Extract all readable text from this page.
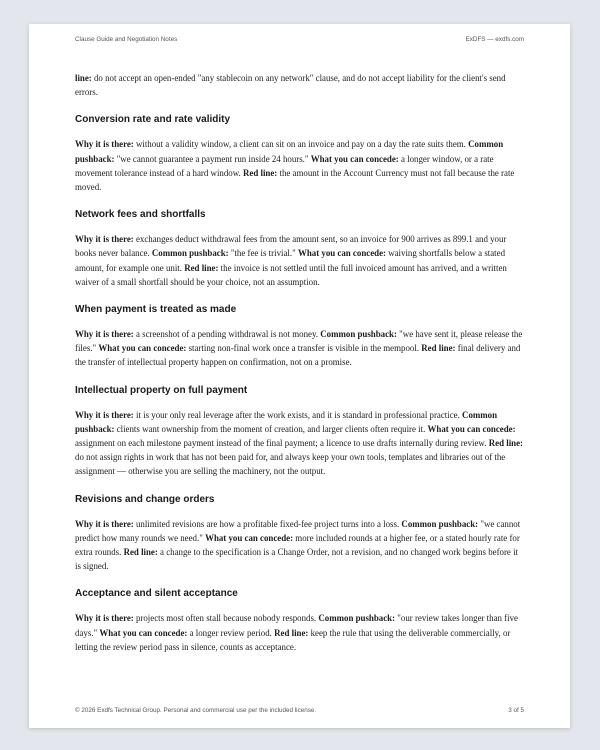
Clause Guide and Negotiation Notes	ExDFS — exdfs.com

line: do not accept an open-ended "any stablecoin on any network" clause, and do not accept liability for the client's send errors.

Conversion rate and rate validity

Why it is there: without a validity window, a client can sit on an invoice and pay on a day the rate suits them. Common pushback: "we cannot guarantee a payment run inside 24 hours." What you can concede: a longer window, or a rate movement tolerance instead of a hard window. Red line: the amount in the Account Currency must not fall because the rate moved.

Network fees and shortfalls

Why it is there: exchanges deduct withdrawal fees from the amount sent, so an invoice for 900 arrives as 899.1 and your books never balance. Common pushback: "the fee is trivial." What you can concede: waiving shortfalls below a stated amount, for example one unit. Red line: the invoice is not settled until the full invoiced amount has arrived, and a written waiver of a small shortfall should be your choice, not an assumption.

When payment is treated as made

Why it is there: a screenshot of a pending withdrawal is not money. Common pushback: "we have sent it, please release the files." What you can concede: starting non-final work once a transfer is visible in the mempool. Red line: final delivery and the transfer of intellectual property happen on confirmation, not on a promise.

Intellectual property on full payment

Why it is there: it is your only real leverage after the work exists, and it is standard in professional practice. Common pushback: clients want ownership from the moment of creation, and larger clients often require it. What you can concede: assignment on each milestone payment instead of the final payment; a licence to use drafts internally during review. Red line: do not assign rights in work that has not been paid for, and always keep your own tools, templates and libraries out of the assignment — otherwise you are selling the machinery, not the output.

Revisions and change orders

Why it is there: unlimited revisions are how a profitable fixed-fee project turns into a loss. Common pushback: "we cannot predict how many rounds we need." What you can concede: more included rounds at a higher fee, or a stated hourly rate for extra rounds. Red line: a change to the specification is a Change Order, not a revision, and no changed work begins before it is signed.

Acceptance and silent acceptance

Why it is there: projects most often stall because nobody responds. Common pushback: "our review takes longer than five days." What you can concede: a longer review period. Red line: keep the rule that using the deliverable commercially, or letting the review period pass in silence, counts as acceptance.

© 2026 Exdfs Technical Group. Personal and commercial use per the included license.	3 of 5
